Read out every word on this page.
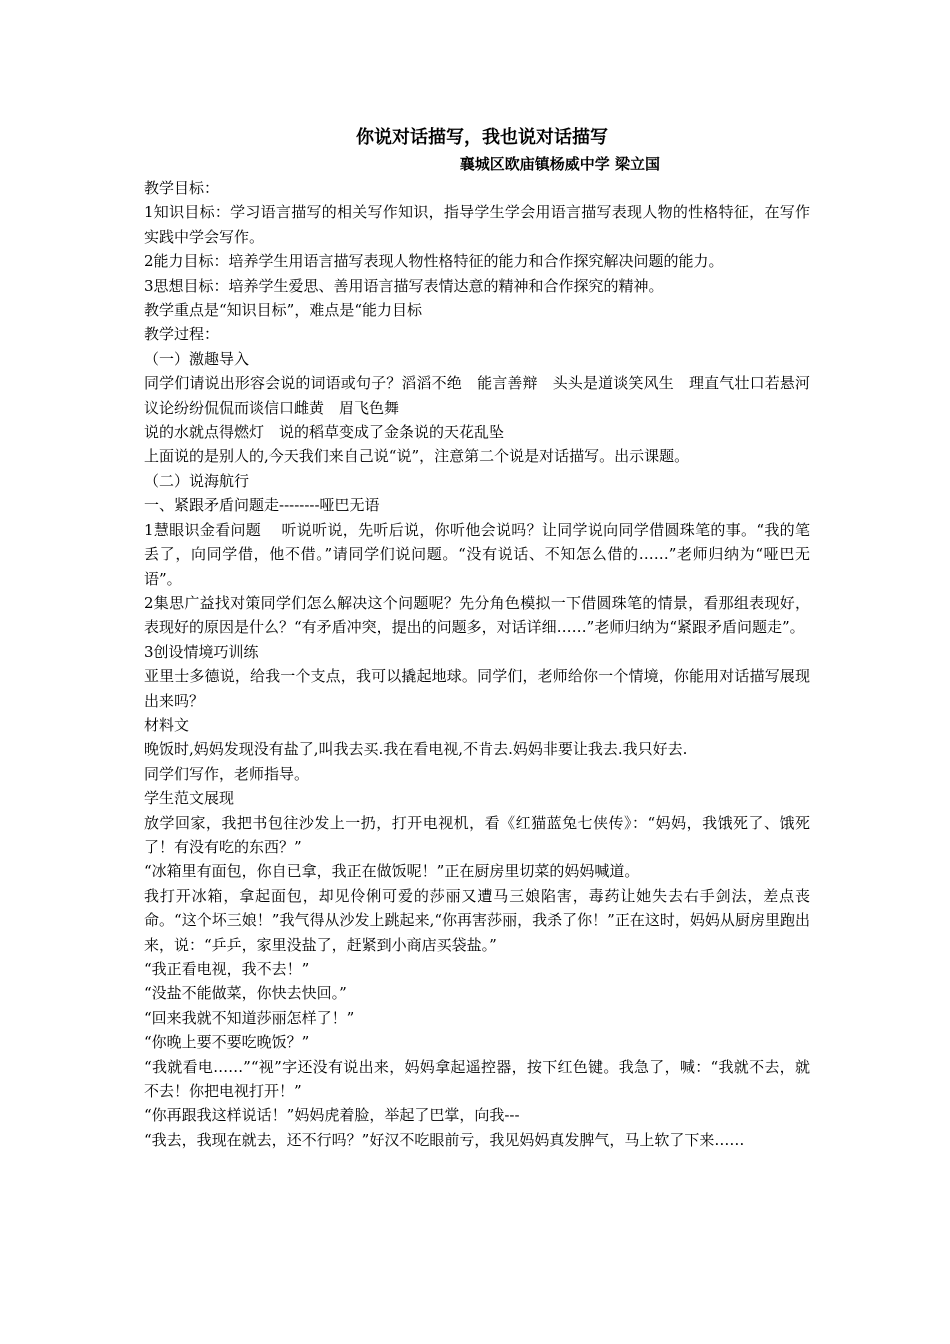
你说对话描写，我也说对话描写

襄城区欧庙镇杨威中学 梁立国

教学目标：

1知识目标：学习语言描写的相关写作知识，指导学生学会用语言描写表现人物的性格特征，在写作实践中学会写作。

2能力目标：培养学生用语言描写表现人物性格特征的能力和合作探究解决问题的能力。

3思想目标：培养学生爱思、善用语言描写表情达意的精神和合作探究的精神。

教学重点是“知识目标”，难点是“能力目标

教学过程：

（一）激趣导入

同学们请说出形容会说的词语或句子？滔滔不绝　能言善辩　头头是道谈笑风生　理直气壮口若悬河　议论纷纷侃侃而谈信口雌黄　眉飞色舞

说的水就点得燃灯　说的稻草变成了金条说的天花乱坠

上面说的是别人的,今天我们来自己说“说”，注意第二个说是对话描写。出示课题。

（二）说海航行

一、紧跟矛盾问题走--------哑巴无语

1慧眼识金看问题　 听说听说，先听后说，你听他会说吗？让同学说向同学借圆珠笔的事。“我的笔丢了，向同学借，他不借。”请同学们说问题。“没有说话、不知怎么借的……”老师归纳为“哑巴无语”。

2集思广益找对策同学们怎么解决这个问题呢？先分角色模拟一下借圆珠笔的情景，看那组表现好，表现好的原因是什么？“有矛盾冲突，提出的问题多，对话详细……”老师归纳为“紧跟矛盾问题走”。

3创设情境巧训练

亚里士多德说，给我一个支点，我可以撬起地球。同学们，老师给你一个情境，你能用对话描写展现出来吗？

材料文

晚饭时,妈妈发现没有盐了,叫我去买.我在看电视,不肯去.妈妈非要让我去.我只好去.

同学们写作，老师指导。

学生范文展现

放学回家，我把书包往沙发上一扔，打开电视机，看《红猫蓝兔七侠传》：“妈妈，我饿死了、饿死了！有没有吃的东西？”

“冰箱里有面包，你自已拿，我正在做饭呢！”正在厨房里切菜的妈妈喊道。

我打开冰箱，拿起面包，却见伶俐可爱的莎丽又遭马三娘陷害，毒药让她失去右手剑法，差点丧命。“这个坏三娘！”我气得从沙发上跳起来,“你再害莎丽，我杀了你！”正在这时，妈妈从厨房里跑出来，说：“乒乒，家里没盐了，赶紧到小商店买袋盐。”

“我正看电视，我不去！”

“没盐不能做菜，你快去快回。”

“回来我就不知道莎丽怎样了！”

“你晚上要不要吃晚饭？”

“我就看电……”“视”字还没有说出来，妈妈拿起遥控器，按下红色键。我急了，喊：“我就不去，就不去！你把电视打开！”

“你再跟我这样说话！”妈妈虎着脸，举起了巴掌，向我---

“我去，我现在就去，还不行吗？”好汉不吃眼前亏，我见妈妈真发脾气，马上软了下来……
